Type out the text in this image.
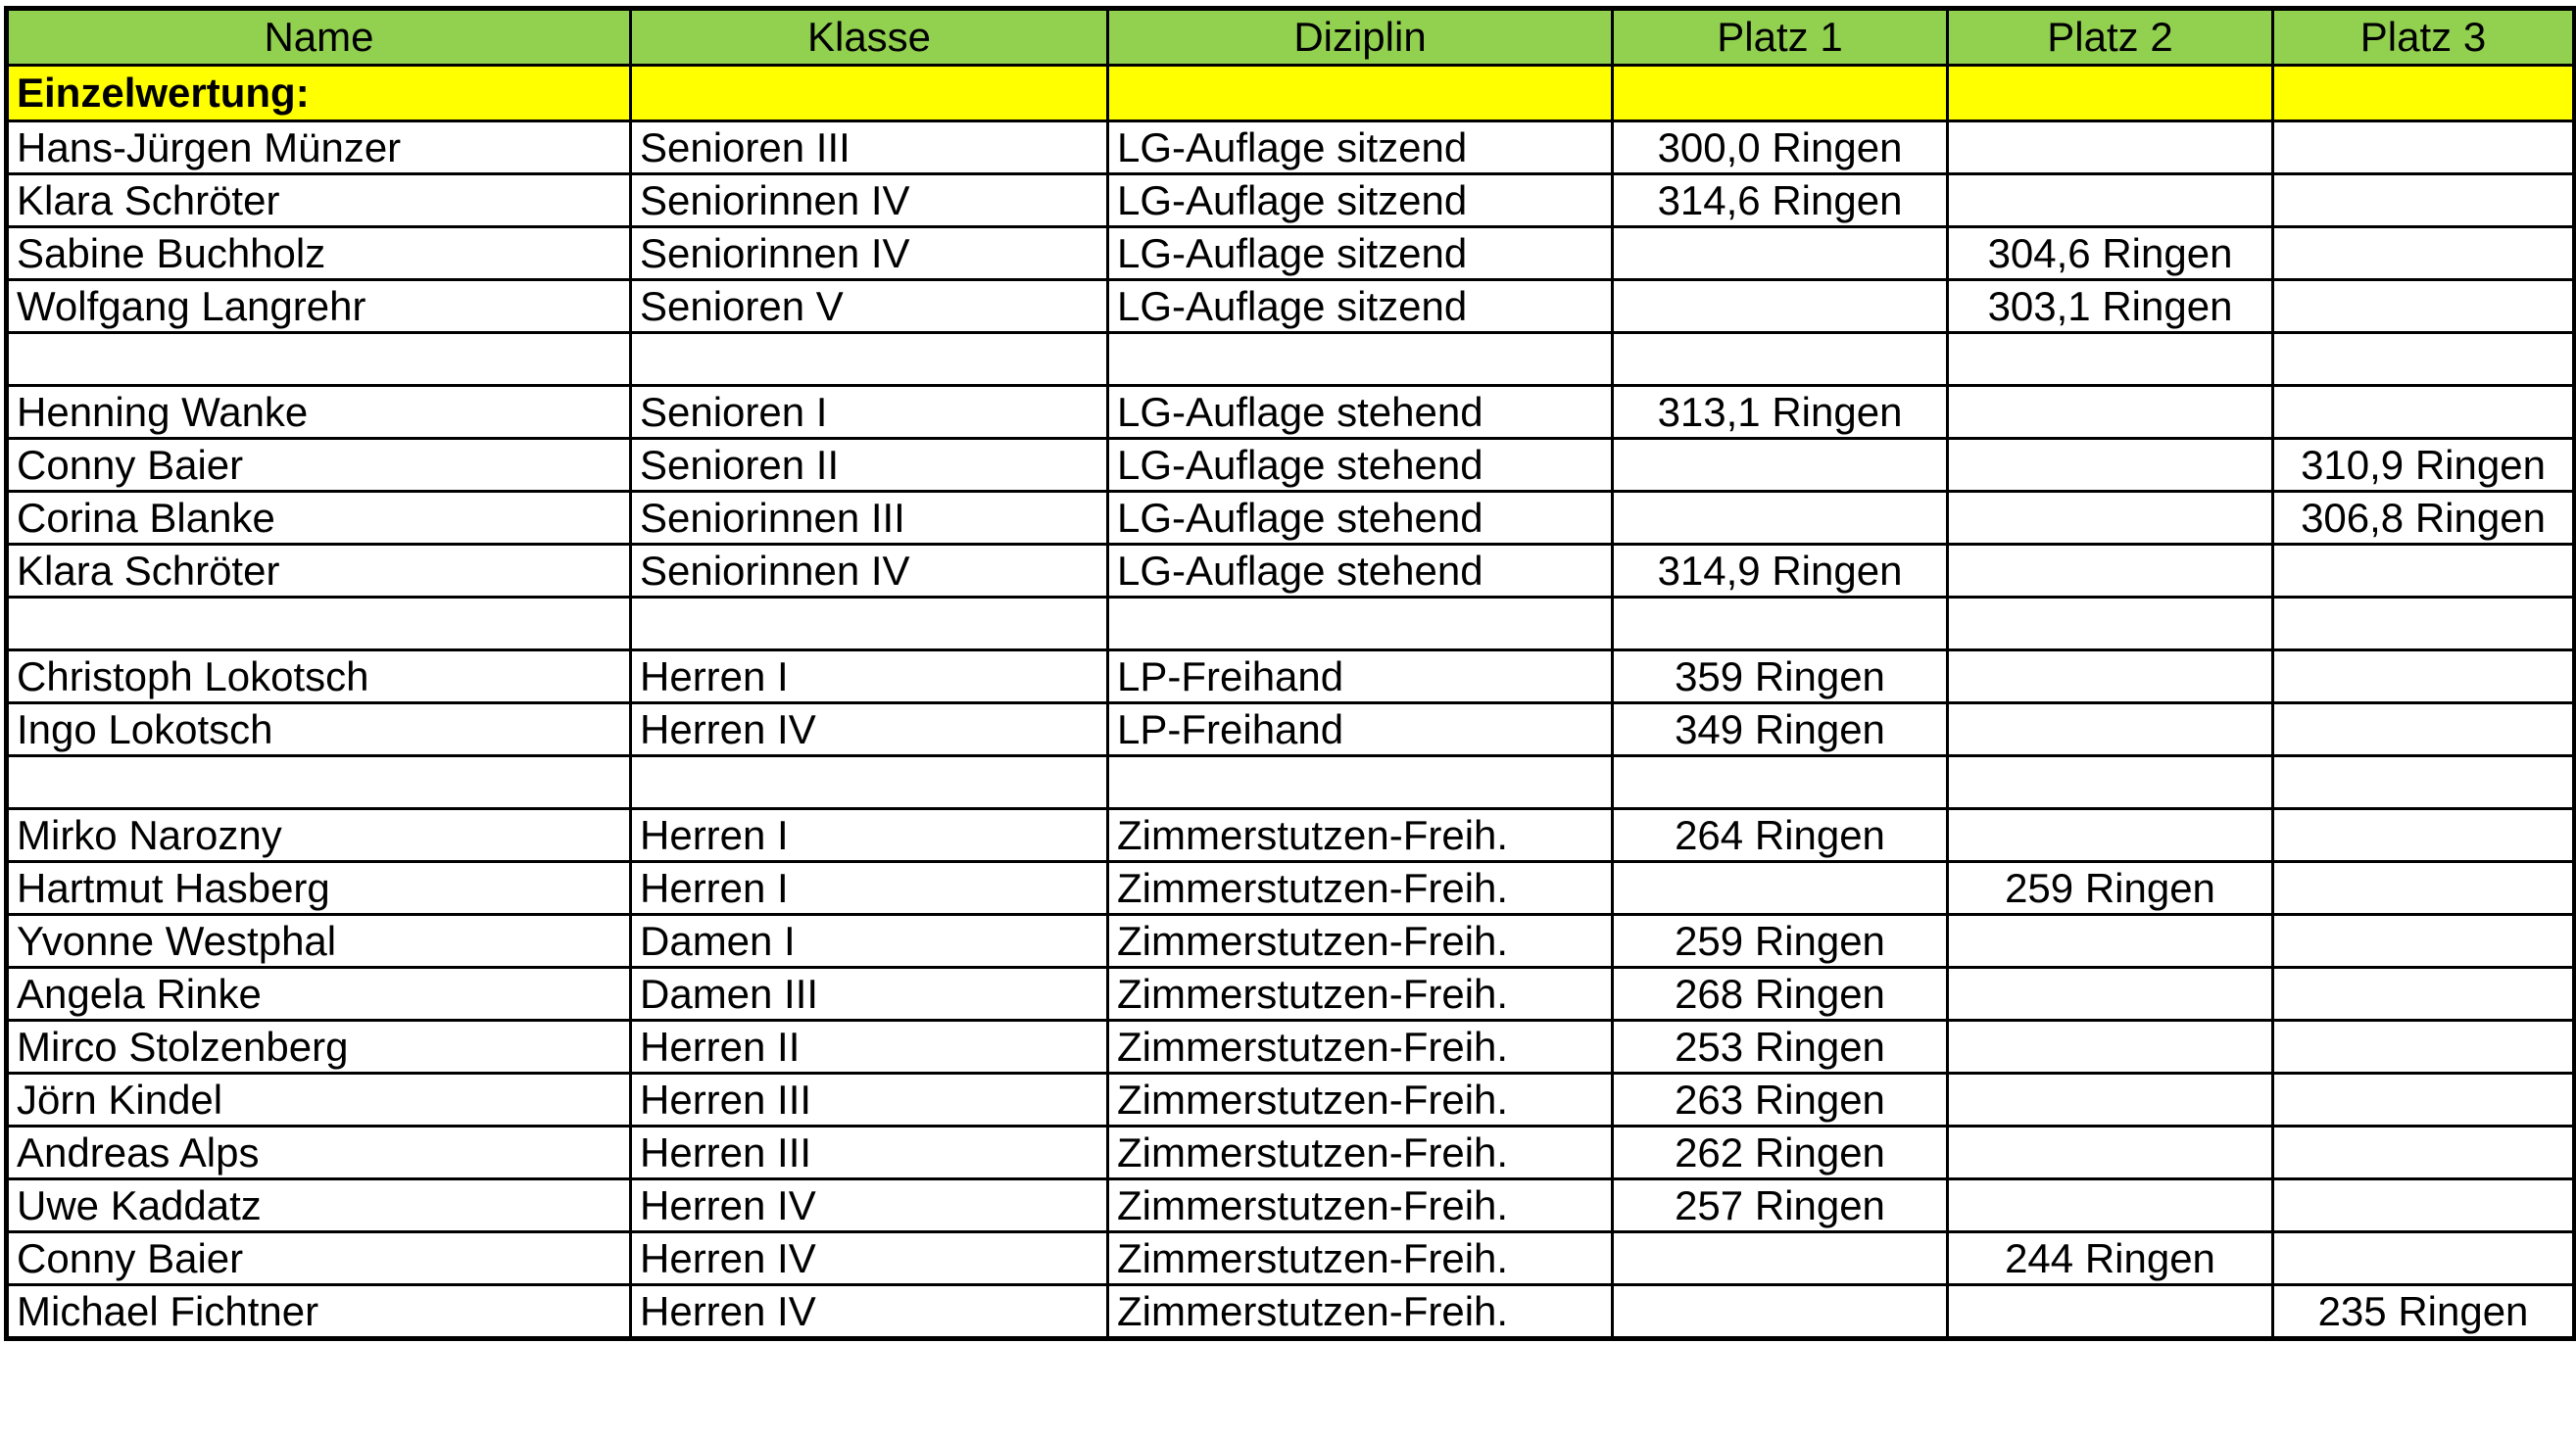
Name	Klasse	Diziplin	Platz 1	Platz 2	Platz 3
Einzelwertung:					
Hans-Jürgen Münzer	Senioren III	LG-Auflage sitzend	300,0 Ringen		
Klara Schröter	Seniorinnen IV	LG-Auflage sitzend	314,6 Ringen		
Sabine Buchholz	Seniorinnen IV	LG-Auflage sitzend		304,6 Ringen	
Wolfgang Langrehr	Senioren V	LG-Auflage sitzend		303,1 Ringen	

Henning Wanke	Senioren I	LG-Auflage stehend	313,1 Ringen		
Conny Baier	Senioren II	LG-Auflage stehend			310,9 Ringen
Corina Blanke	Seniorinnen III	LG-Auflage stehend			306,8 Ringen
Klara Schröter	Seniorinnen IV	LG-Auflage stehend	314,9 Ringen		

Christoph Lokotsch	Herren I	LP-Freihand	359 Ringen		
Ingo Lokotsch	Herren IV	LP-Freihand	349 Ringen		

Mirko Narozny	Herren I	Zimmerstutzen-Freih.	264 Ringen		
Hartmut Hasberg	Herren I	Zimmerstutzen-Freih.		259 Ringen	
Yvonne Westphal	Damen I	Zimmerstutzen-Freih.	259 Ringen		
Angela Rinke	Damen III	Zimmerstutzen-Freih.	268 Ringen		
Mirco Stolzenberg	Herren II	Zimmerstutzen-Freih.	253 Ringen		
Jörn Kindel	Herren III	Zimmerstutzen-Freih.	263 Ringen		
Andreas Alps	Herren III	Zimmerstutzen-Freih.	262 Ringen		
Uwe Kaddatz	Herren IV	Zimmerstutzen-Freih.	257 Ringen		
Conny Baier	Herren IV	Zimmerstutzen-Freih.		244 Ringen	
Michael Fichtner	Herren IV	Zimmerstutzen-Freih.			235 Ringen
